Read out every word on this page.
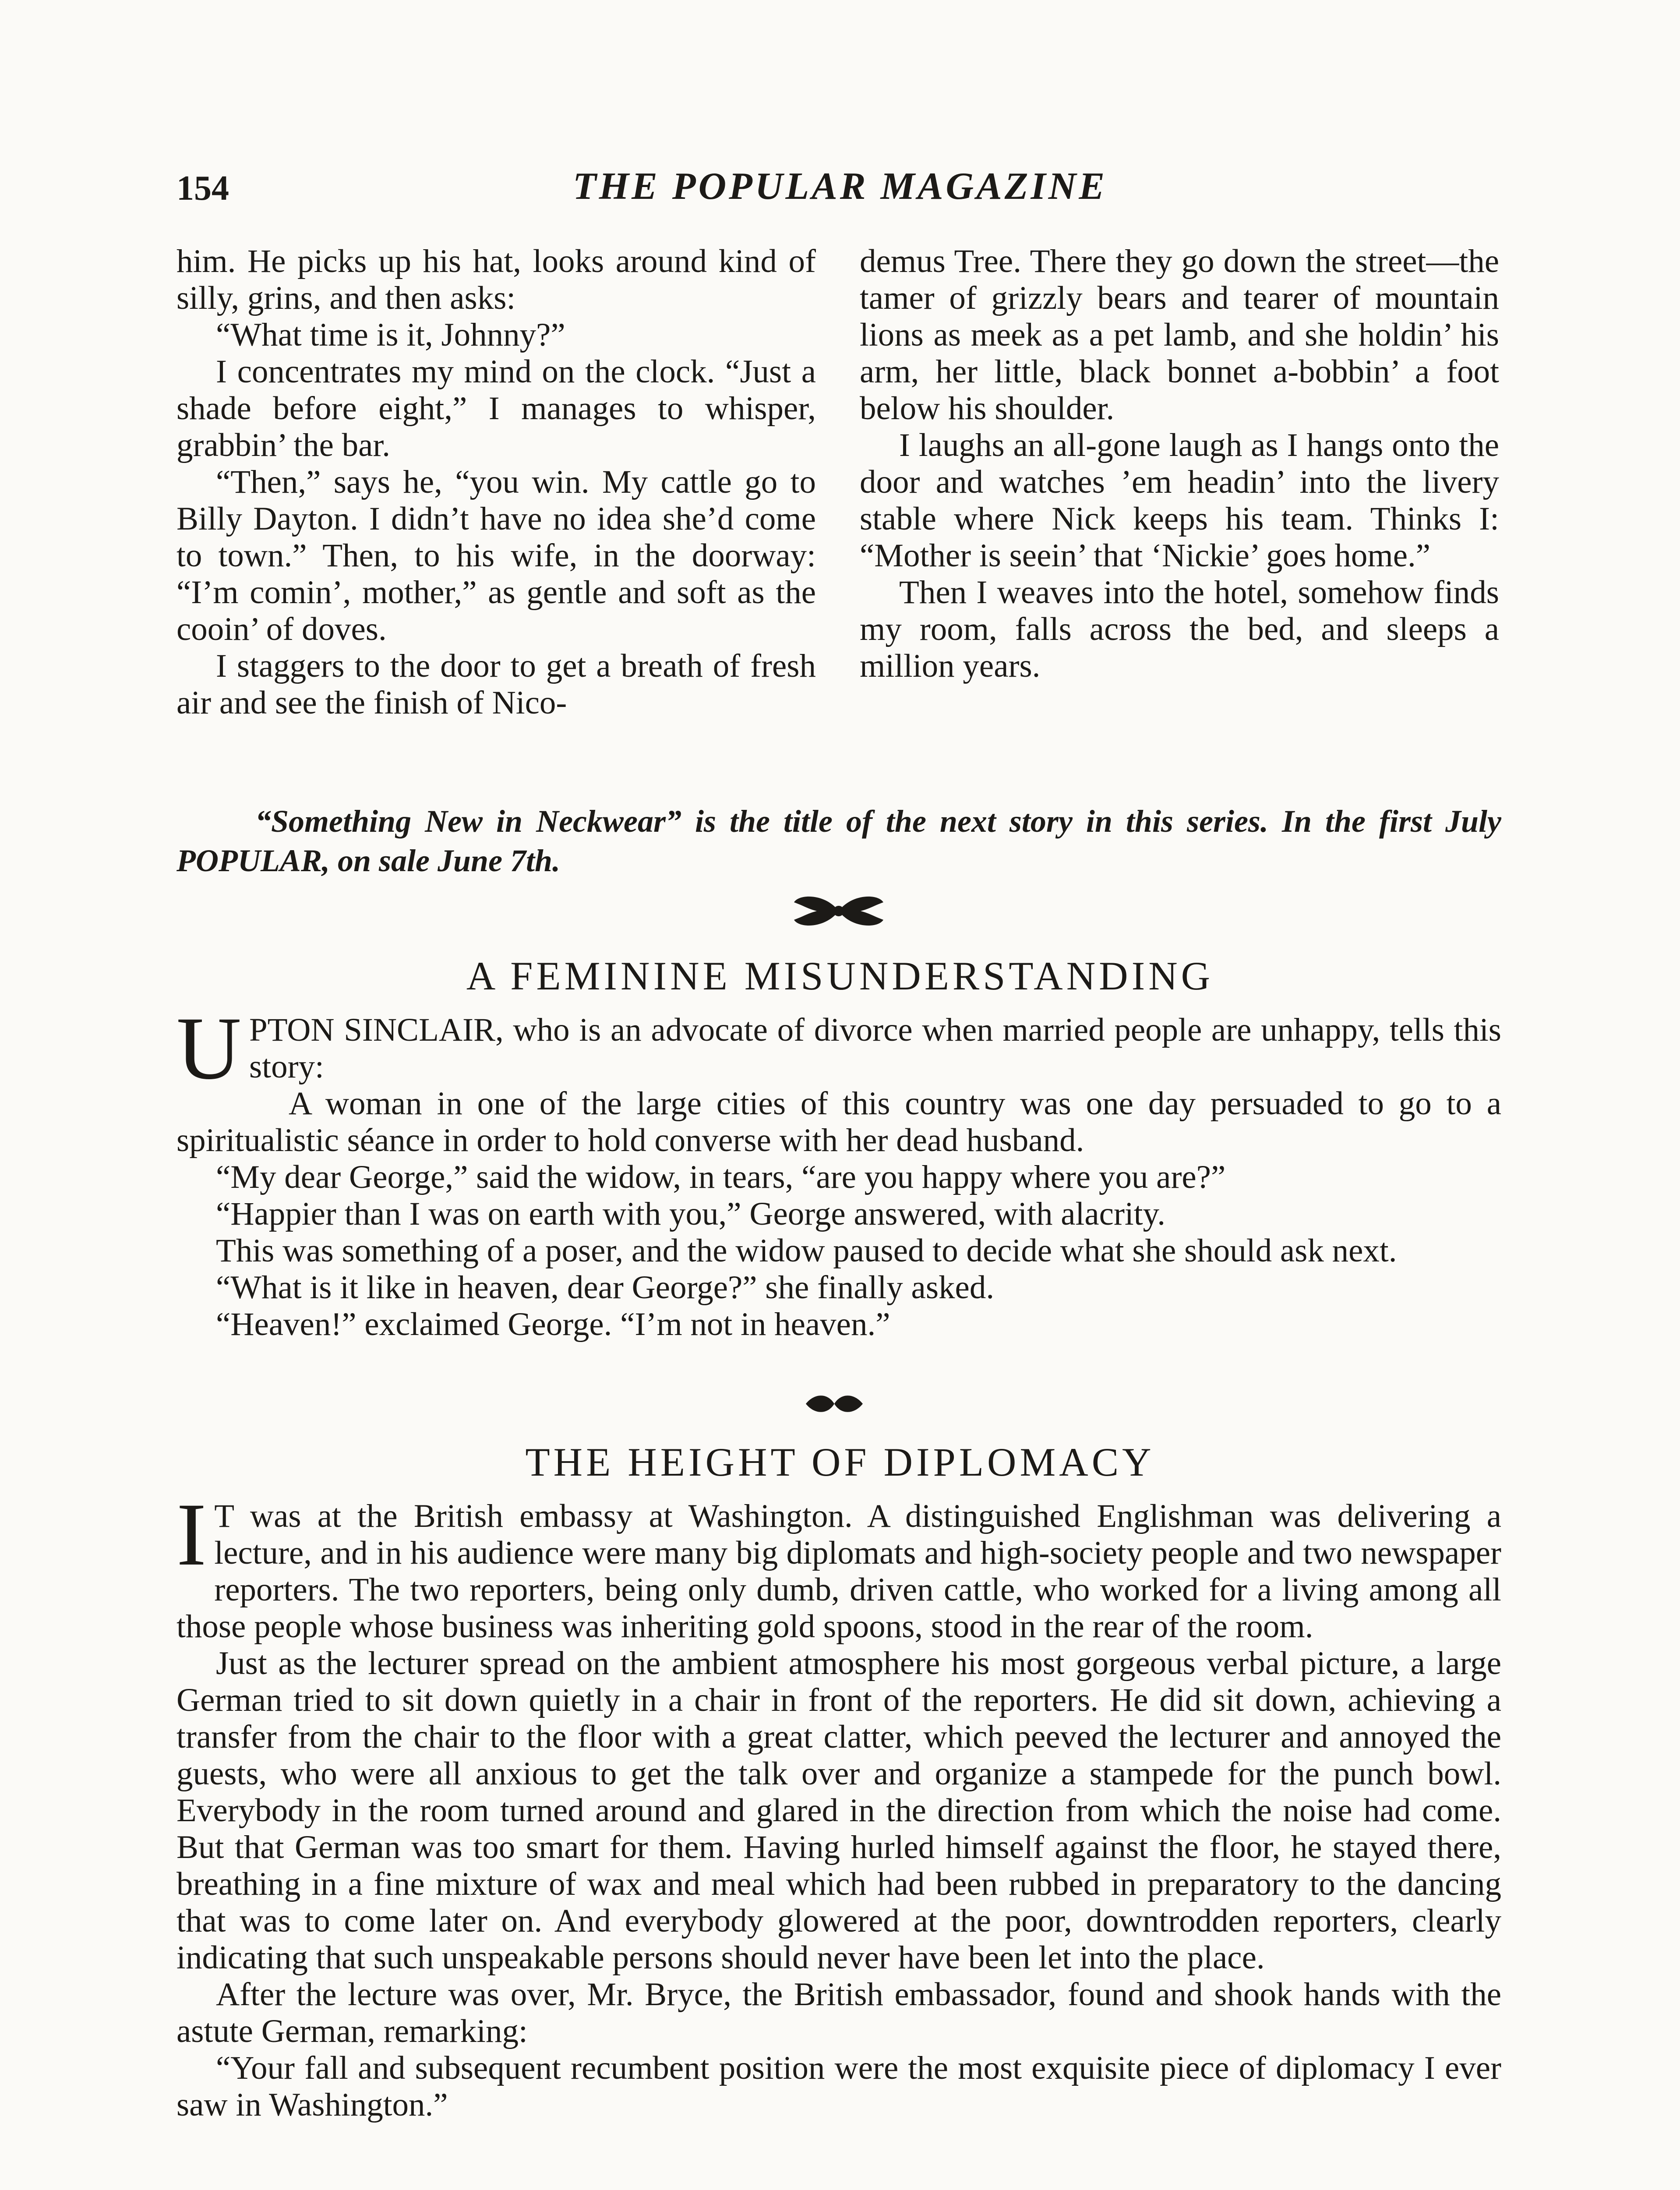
154	THE POPULAR MAGAZINE

him. He picks up his hat, looks around kind of silly, grins, and then asks:

“What time is it, Johnny?”

I concentrates my mind on the clock. “Just a shade before eight,” I manages to whisper, grabbin’ the bar.

“Then,” says he, “you win. My cattle go to Billy Dayton. I didn’t have no idea she’d come to town.” Then, to his wife, in the doorway: “I’m comin’, mother,” as gentle and soft as the cooin’ of doves.

I staggers to the door to get a breath of fresh air and see the finish of Nico-

demus Tree. There they go down the street—the tamer of grizzly bears and tearer of mountain lions as meek as a pet lamb, and she holdin’ his arm, her little, black bonnet a-bobbin’ a foot below his shoulder.

I laughs an all-gone laugh as I hangs onto the door and watches ’em headin’ into the livery stable where Nick keeps his team. Thinks I: “Mother is seein’ that ‘Nickie’ goes home.”

Then I weaves into the hotel, somehow finds my room, falls across the bed, and sleeps a million years.

“Something New in Neckwear” is the title of the next story in this series. In the first July POPULAR, on sale June 7th.

A FEMININE MISUNDERSTANDING
U PTON SINCLAIR, who is an advocate of divorce when married people are unhappy, tells this story:

A woman in one of the large cities of this country was one day persuaded to go to a spiritualistic séance in order to hold converse with her dead husband.

“My dear George,” said the widow, in tears, “are you happy where you are?”

“Happier than I was on earth with you,” George answered, with alacrity.

This was something of a poser, and the widow paused to decide what she should ask next.

“What is it like in heaven, dear George?” she finally asked.

“Heaven!” exclaimed George. “I’m not in heaven.”

THE HEIGHT OF DIPLOMACY
I T was at the British embassy at Washington. A distinguished Englishman was delivering a lecture, and in his audience were many big diplomats and high-society people and two newspaper reporters. The two reporters, being only dumb, driven cattle, who worked for a living among all those people whose business was inheriting gold spoons, stood in the rear of the room.

Just as the lecturer spread on the ambient atmosphere his most gorgeous verbal picture, a large German tried to sit down quietly in a chair in front of the reporters. He did sit down, achieving a transfer from the chair to the floor with a great clatter, which peeved the lecturer and annoyed the guests, who were all anxious to get the talk over and organize a stampede for the punch bowl. Everybody in the room turned around and glared in the direction from which the noise had come. But that German was too smart for them. Having hurled himself against the floor, he stayed there, breathing in a fine mixture of wax and meal which had been rubbed in preparatory to the dancing that was to come later on. And everybody glowered at the poor, downtrodden reporters, clearly indicating that such unspeakable persons should never have been let into the place.

After the lecture was over, Mr. Bryce, the British embassador, found and shook hands with the astute German, remarking:

“Your fall and subsequent recumbent position were the most exquisite piece of diplomacy I ever saw in Washington.”
